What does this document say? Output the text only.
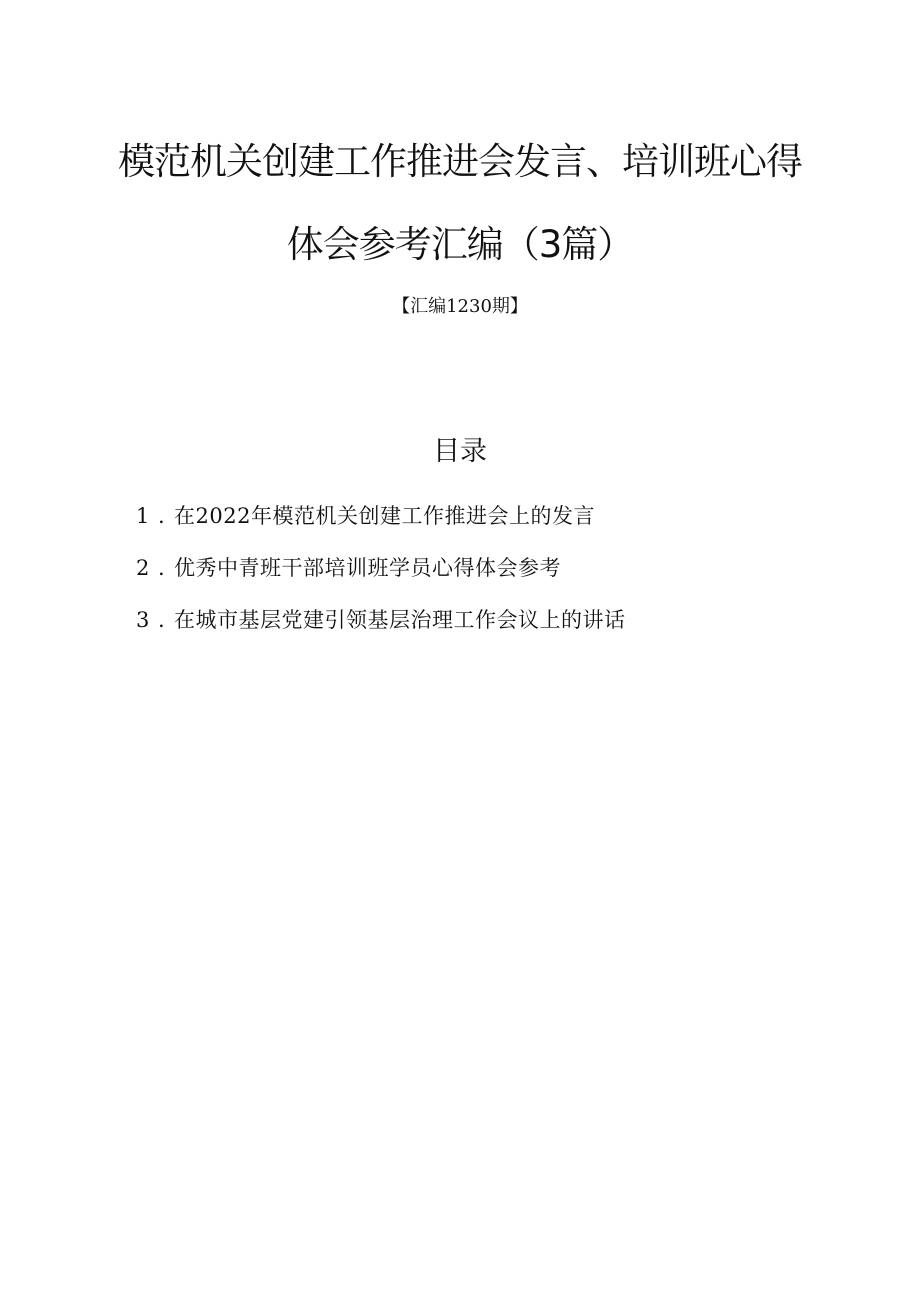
模范机关创建工作推进会发言、培训班心得
体会参考汇编（3篇）
【汇编1230期】
目录
1 . 在2022年模范机关创建工作推进会上的发言
2 . 优秀中青班干部培训班学员心得体会参考
3 . 在城市基层党建引领基层治理工作会议上的讲话
